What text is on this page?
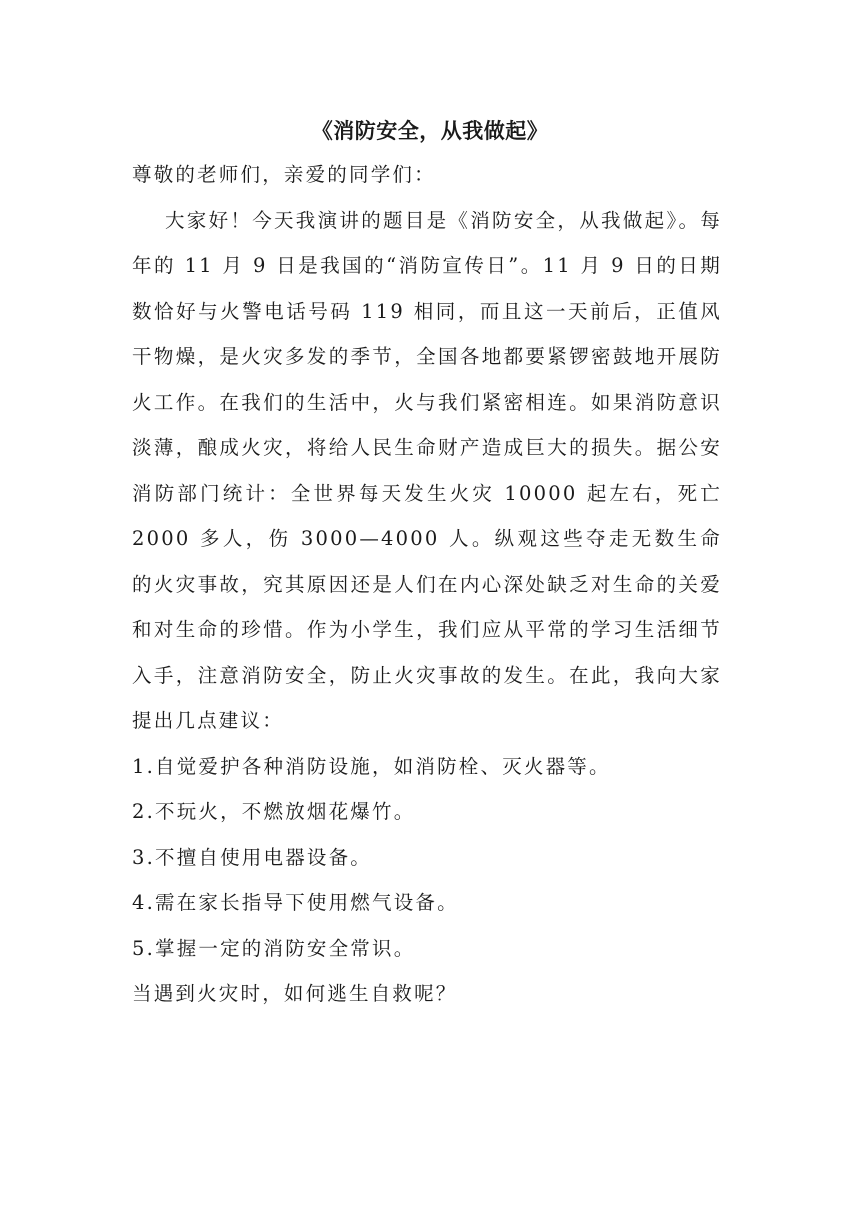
《消防安全，从我做起》

尊敬的老师们，亲爱的同学们：

大家好！今天我演讲的题目是《消防安全，从我做起》。每年的 11 月 9 日是我国的“消防宣传日”。11 月 9 日的日期数恰好与火警电话号码 119 相同，而且这一天前后，正值风干物燥，是火灾多发的季节，全国各地都要紧锣密鼓地开展防火工作。在我们的生活中，火与我们紧密相连。如果消防意识淡薄，酿成火灾，将给人民生命财产造成巨大的损失。据公安消防部门统计：全世界每天发生火灾 10000 起左右，死亡 2000 多人，伤 3000—4000 人。纵观这些夺走无数生命的火灾事故，究其原因还是人们在内心深处缺乏对生命的关爱和对生命的珍惜。作为小学生，我们应从平常的学习生活细节入手，注意消防安全，防止火灾事故的发生。在此，我向大家提出几点建议：

1.自觉爱护各种消防设施，如消防栓、灭火器等。

2.不玩火，不燃放烟花爆竹。

3.不擅自使用电器设备。

4.需在家长指导下使用燃气设备。

5.掌握一定的消防安全常识。

当遇到火灾时，如何逃生自救呢？
